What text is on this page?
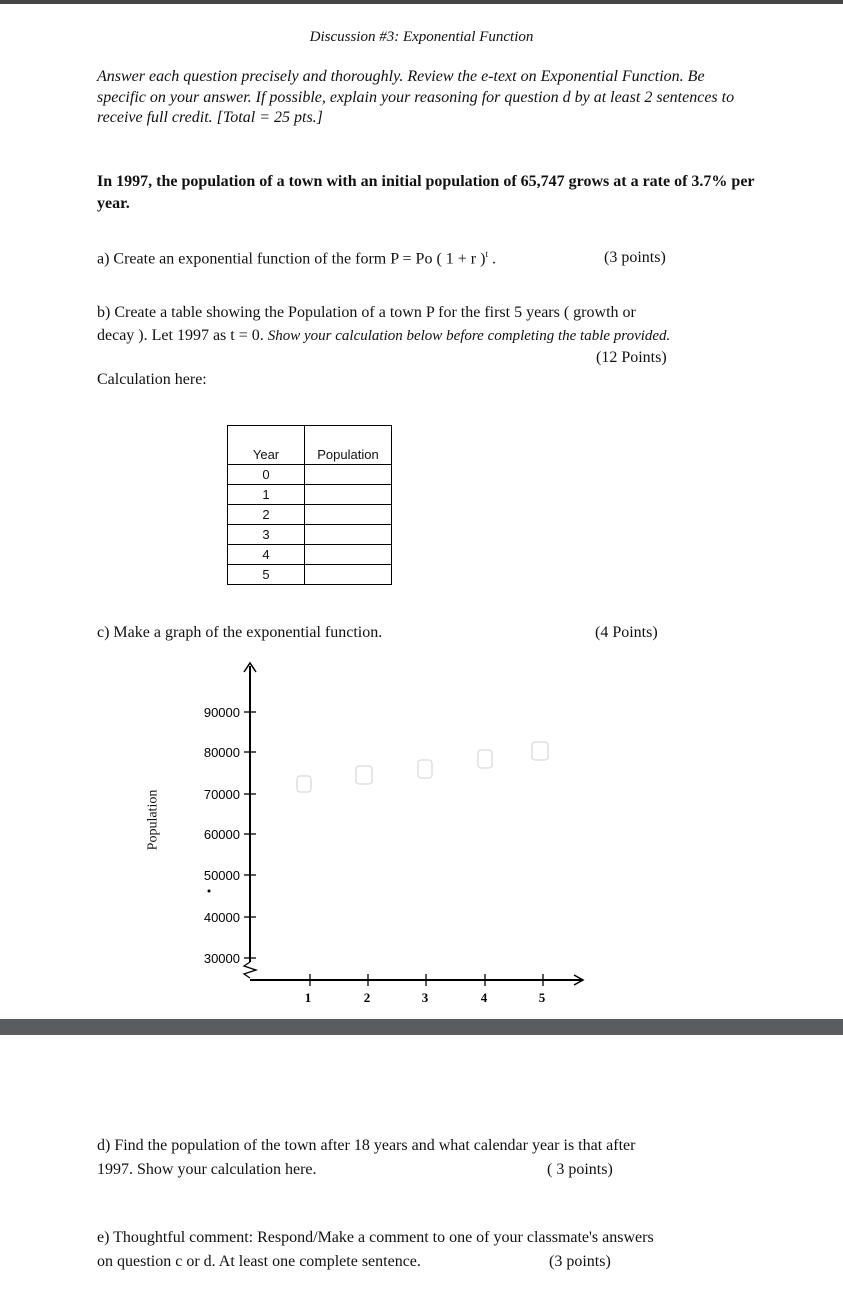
Discussion #3: Exponential Function
Answer each question precisely and thoroughly. Review the e-text on Exponential Function. Be specific on your answer. If possible, explain your reasoning for question d by at least 2 sentences to receive full credit. [Total = 25 pts.]
In 1997, the population of a town with an initial population of 65,747 grows at a rate of 3.7% per year.
a) Create an exponential function of the form P = Po ( 1 + r )$^t$ .	(3 points)
b) Create a table showing the Population of a town P for the first 5 years ( growth or
decay ). Let 1997 as t = 0. Show your calculation below before completing the table provided.
(12 Points)
Calculation here:
Year	Population
0	
1	
2	
3	
4	
5	
c) Make a graph of the exponential function.	(4 Points)
90000
80000
70000
60000
50000
40000
30000
1	2	3	4	5
Population
d) Find the population of the town after 18 years and what calendar year is that after
1997. Show your calculation here.	( 3 points)
e) Thoughtful comment: Respond/Make a comment to one of your classmate's answers
on question c or d. At least one complete sentence.	(3 points)
